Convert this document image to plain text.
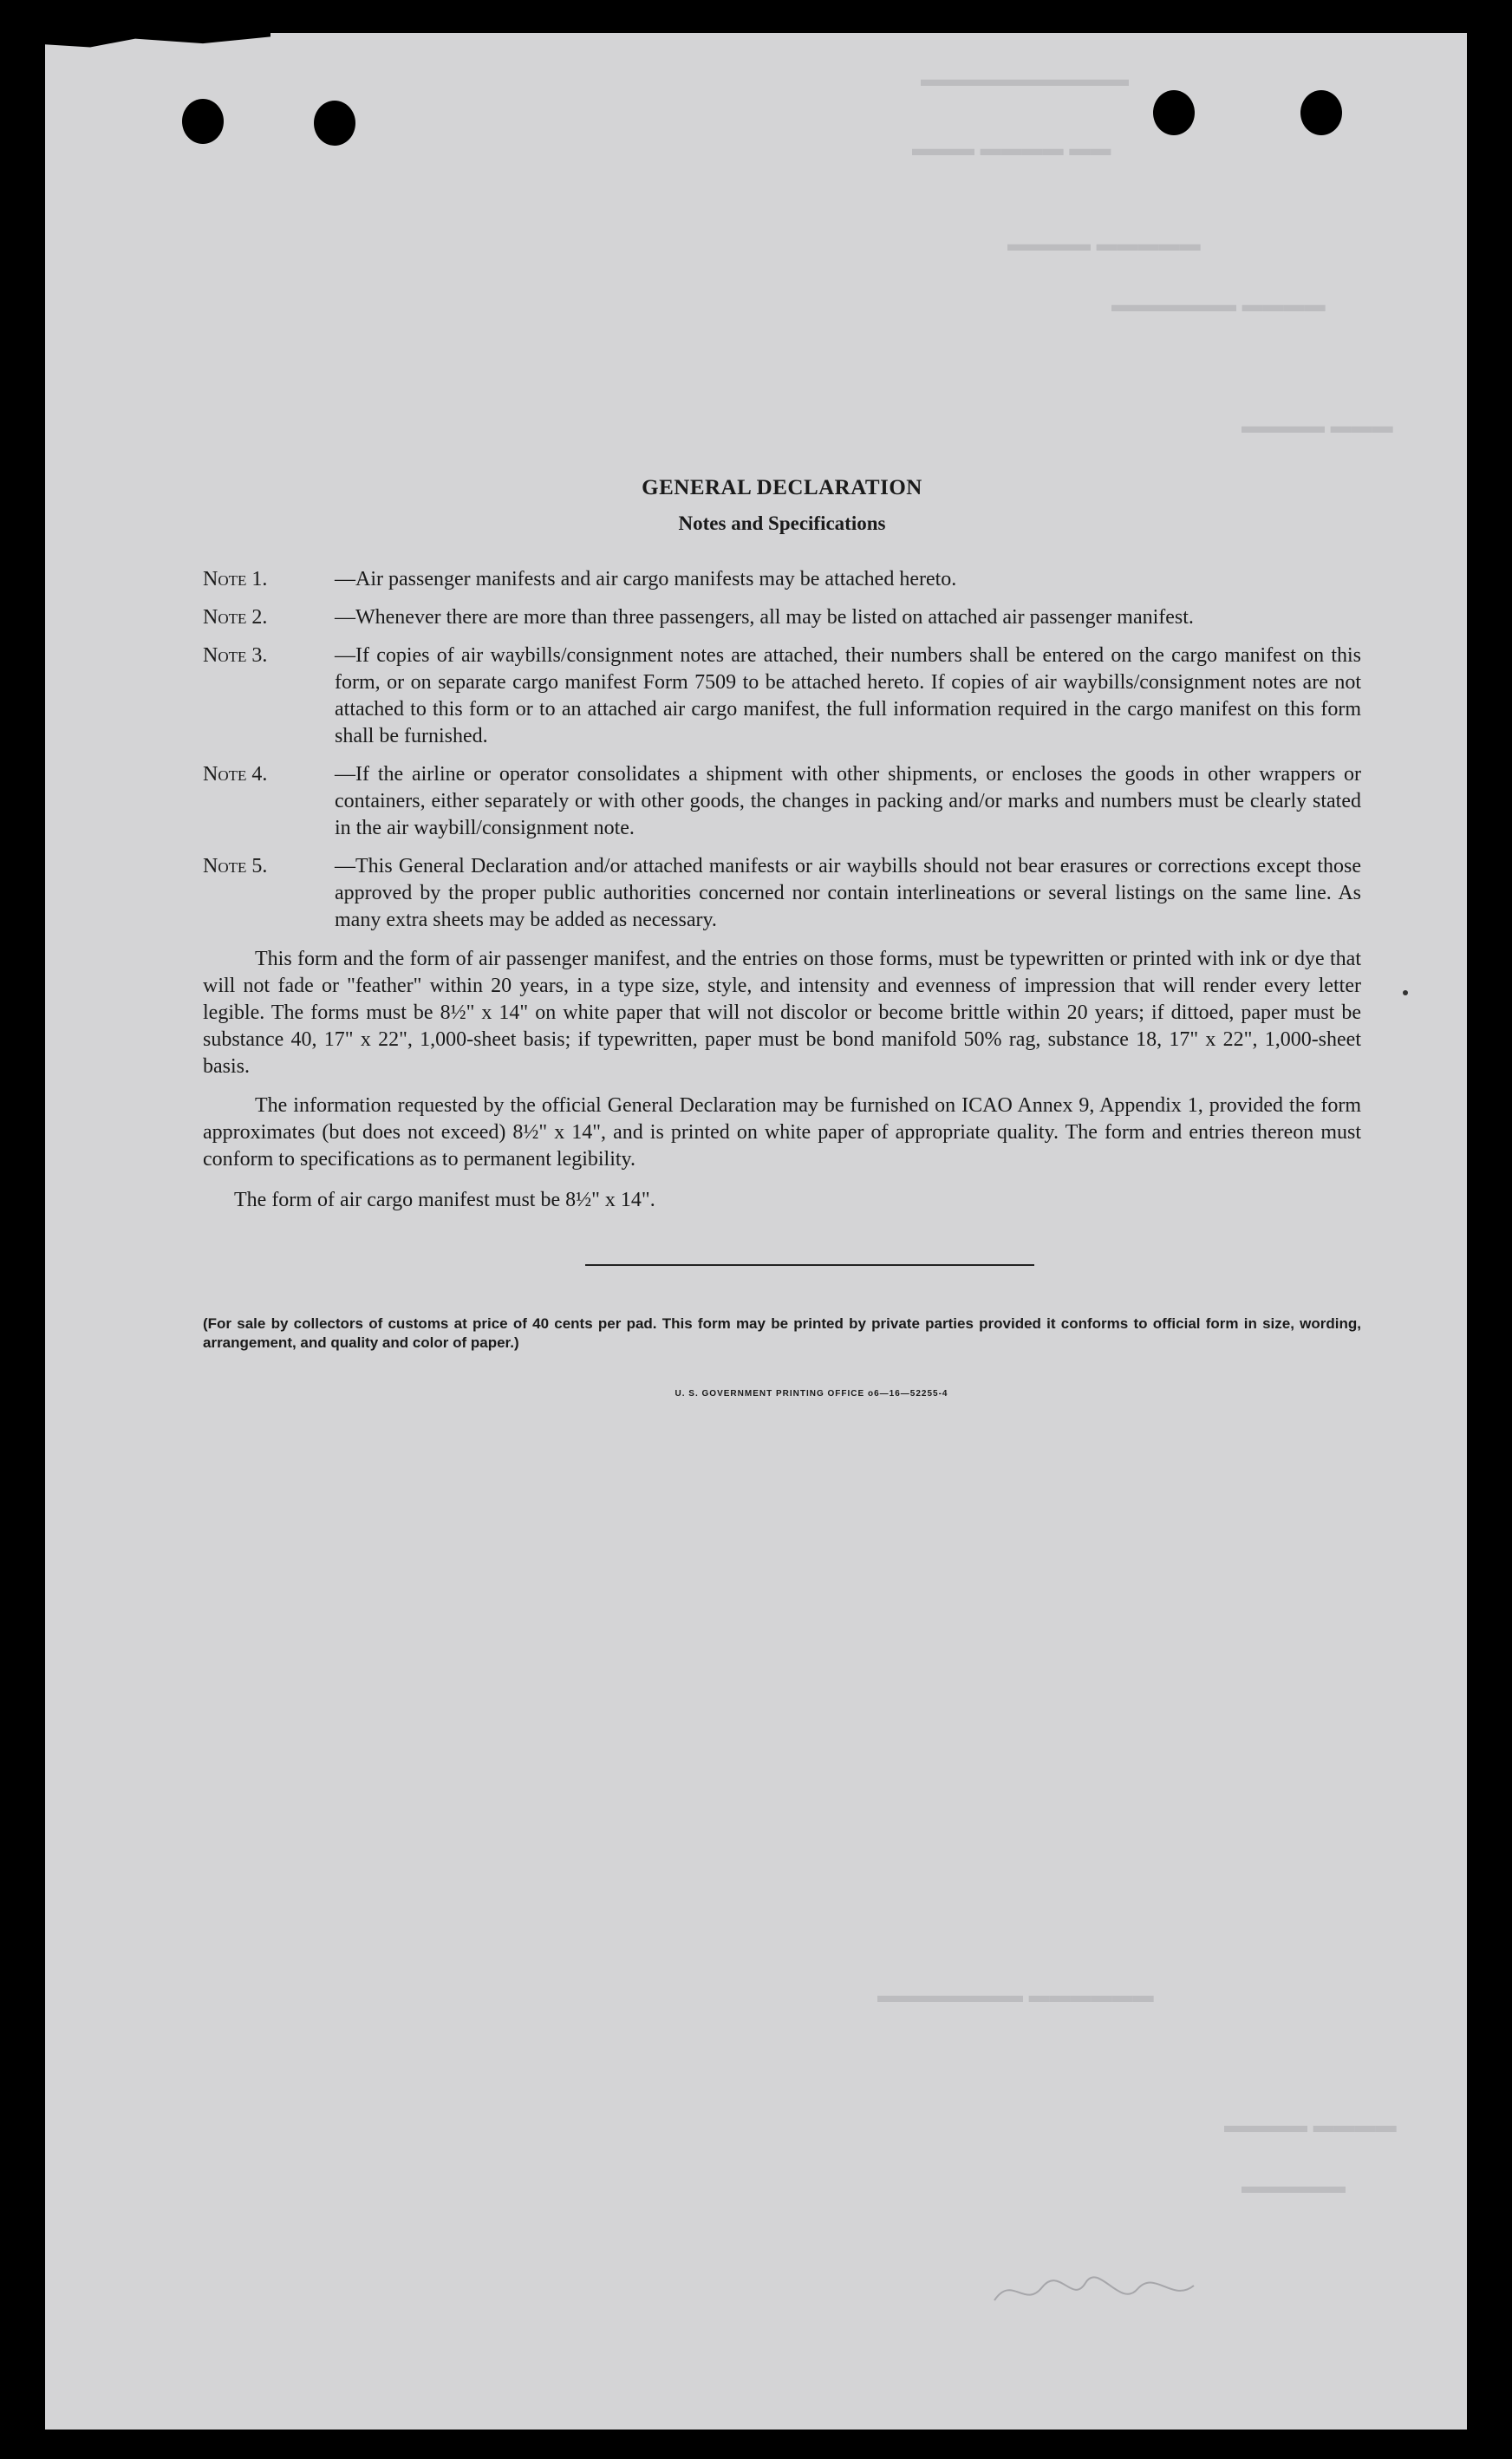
▬▬▬▬▬▬▬▬▬▬
▬▬▬ ▬▬▬▬ ▬▬
▬▬▬▬ ▬▬▬▬▬
▬▬▬▬▬▬ ▬▬▬▬
▬▬▬▬ ▬▬▬
▬▬▬▬▬▬▬ ▬▬▬▬▬▬
▬▬▬▬ ▬▬▬▬
▬▬▬▬▬
GENERAL DECLARATION
Notes and Specifications
Note 1.	—Air passenger manifests and air cargo manifests may be attached hereto.
Note 2.	—Whenever there are more than three passengers, all may be listed on attached air passenger manifest.
Note 3.	—If copies of air waybills/consignment notes are attached, their numbers shall be entered on the cargo manifest on this form, or on separate cargo manifest Form 7509 to be attached hereto. If copies of air waybills/consignment notes are not attached to this form or to an attached air cargo manifest, the full information required in the cargo manifest on this form shall be furnished.
Note 4.	—If the airline or operator consolidates a shipment with other shipments, or encloses the goods in other wrappers or containers, either separately or with other goods, the changes in packing and/or marks and numbers must be clearly stated in the air waybill/consignment note.
Note 5.	—This General Declaration and/or attached manifests or air waybills should not bear erasures or corrections except those approved by the proper public authorities concerned nor contain interlineations or several listings on the same line. As many extra sheets may be added as necessary.

This form and the form of air passenger manifest, and the entries on those forms, must be typewritten or printed with ink or dye that will not fade or "feather" within 20 years, in a type size, style, and intensity and evenness of impression that will render every letter legible. The forms must be 8½" x 14" on white paper that will not discolor or become brittle within 20 years; if dittoed, paper must be substance 40, 17" x 22", 1,000-sheet basis; if typewritten, paper must be bond manifold 50% rag, substance 18, 17" x 22", 1,000-sheet basis.

The information requested by the official General Declaration may be furnished on ICAO Annex 9, Appendix 1, provided the form approximates (but does not exceed) 8½" x 14", and is printed on white paper of appropriate quality. The form and entries thereon must conform to specifications as to permanent legibility.

The form of air cargo manifest must be 8½" x 14".

(For sale by collectors of customs at price of 40 cents per pad. This form may be printed by private parties provided it conforms to official form in size, wording, arrangement, and quality and color of paper.)

U. S. GOVERNMENT PRINTING OFFICE o6—16—52255-4
